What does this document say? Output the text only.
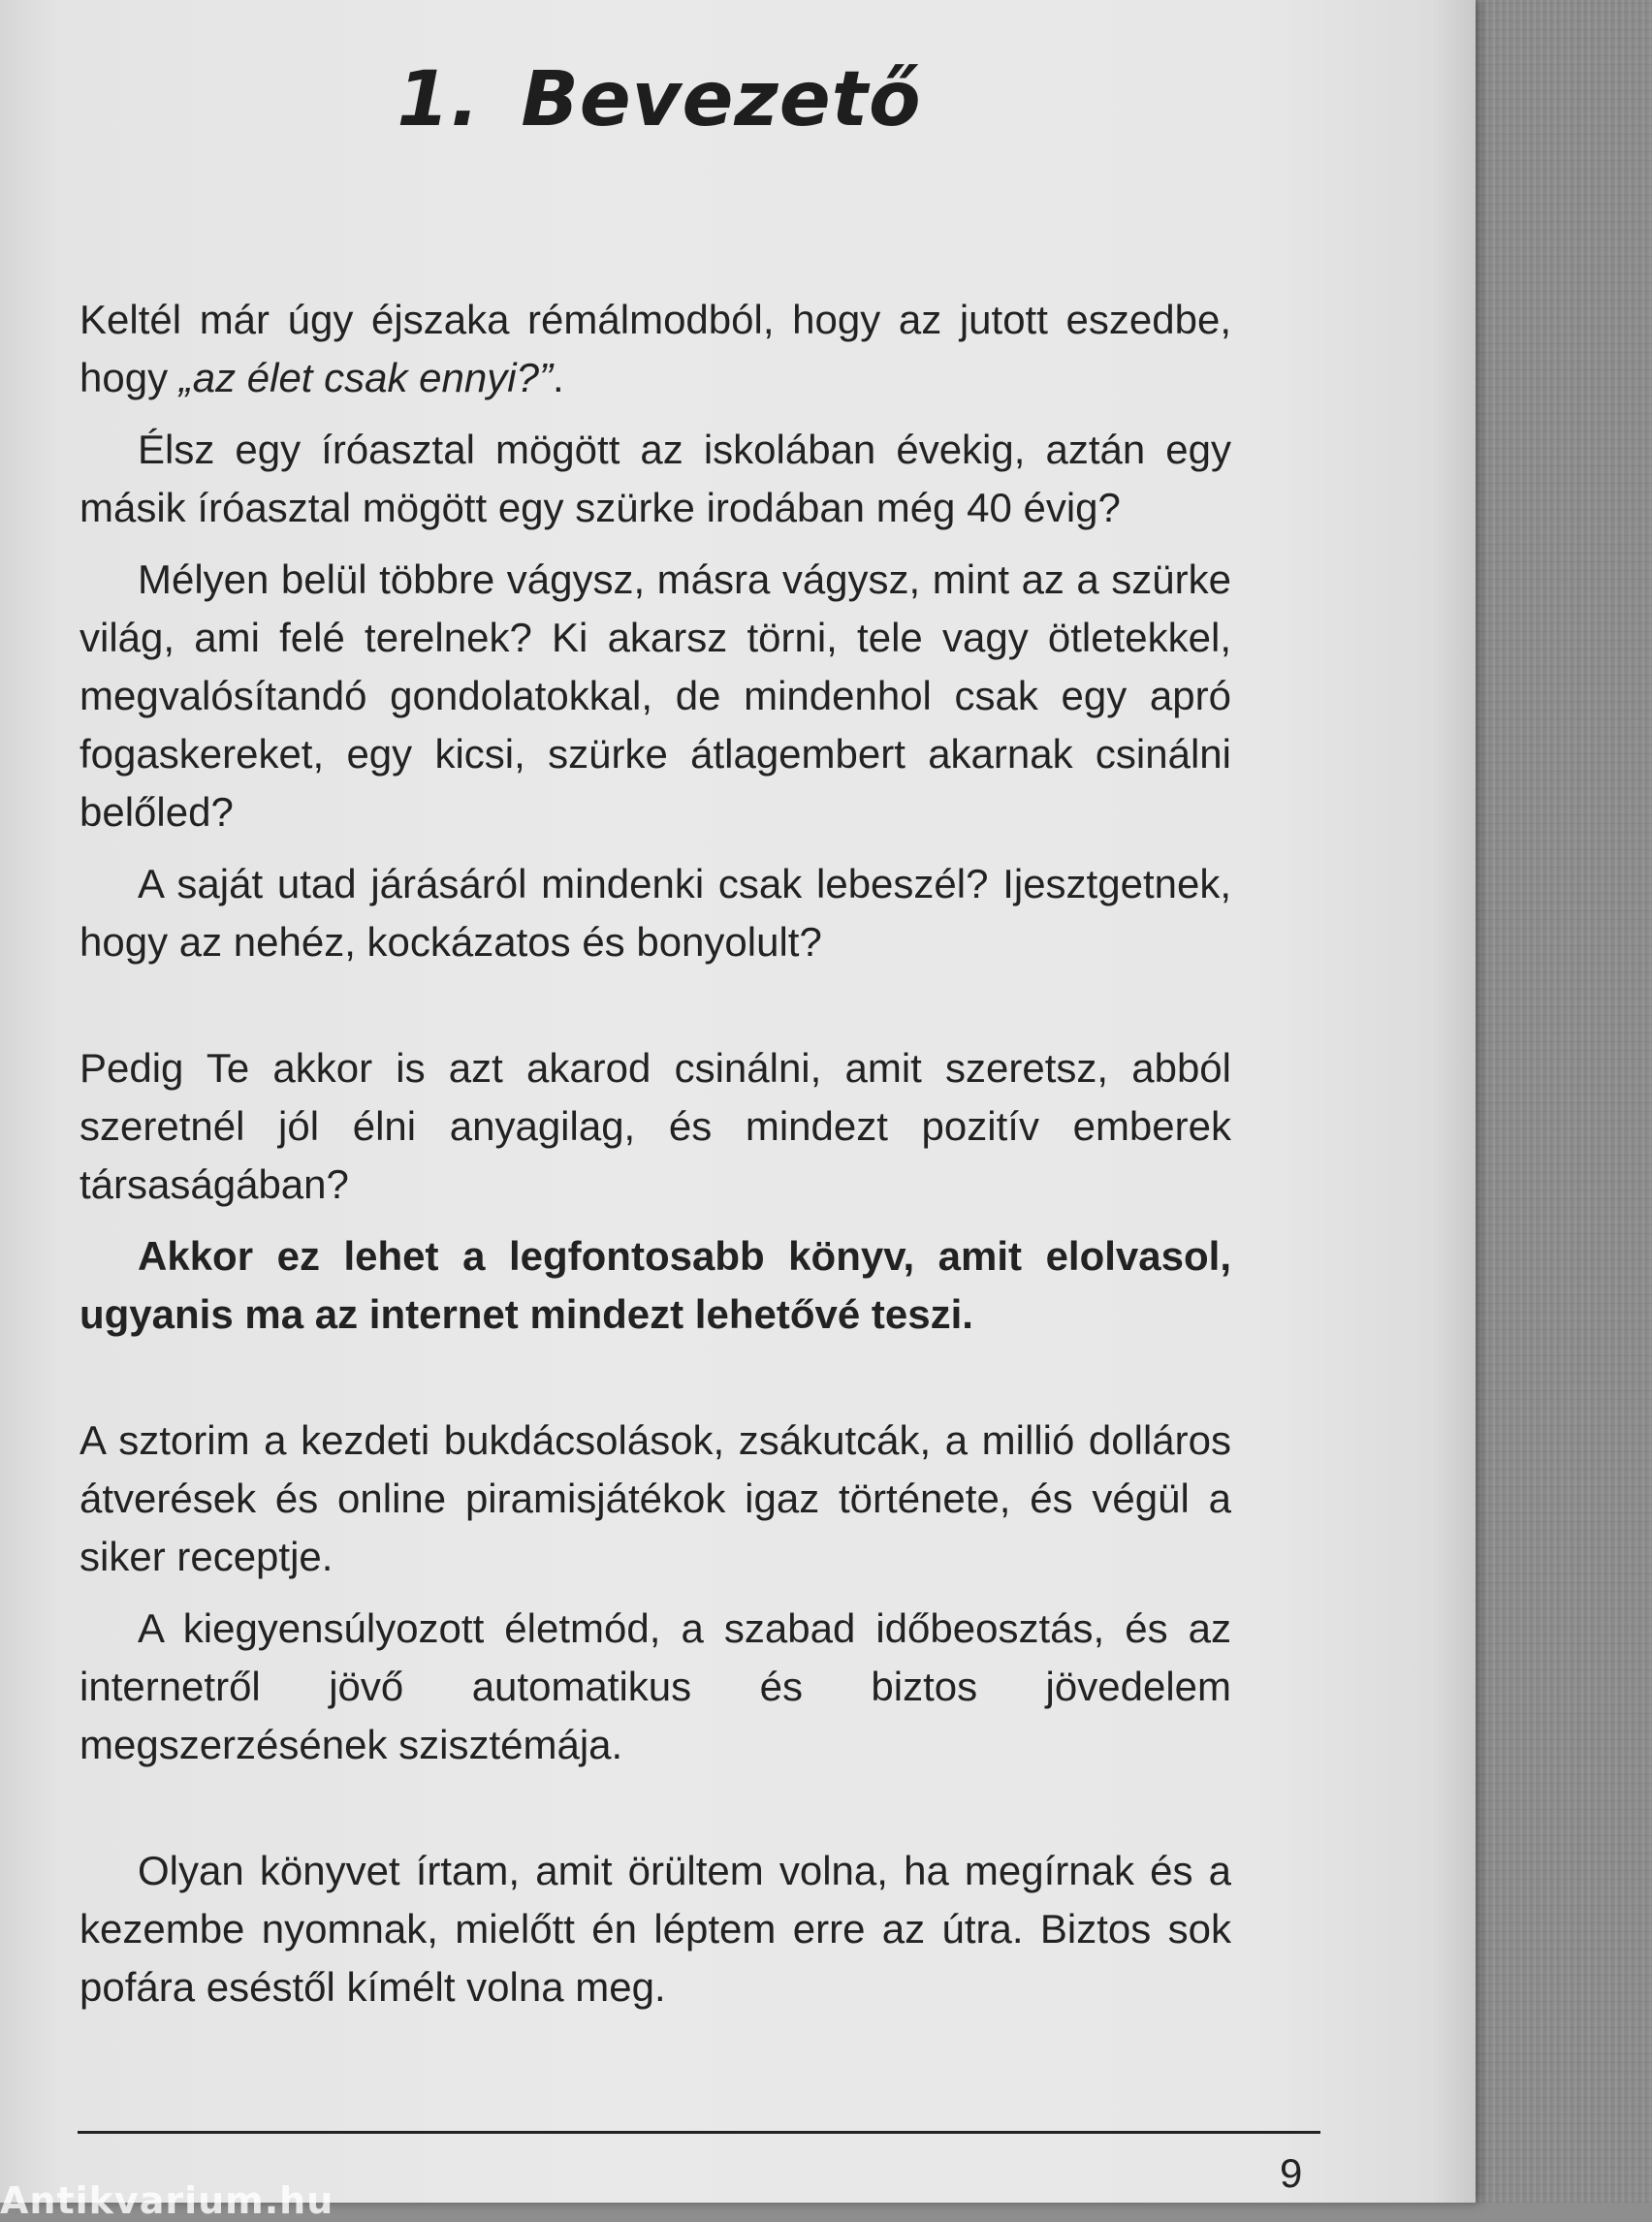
1. Bevezető

Keltél már úgy éjszaka rémálmodból, hogy az jutott eszedbe, hogy „az élet csak ennyi?”.

Élsz egy íróasztal mögött az iskolában évekig, aztán egy másik íróasztal mögött egy szürke irodában még 40 évig?

Mélyen belül többre vágysz, másra vágysz, mint az a szürke világ, ami felé terelnek? Ki akarsz törni, tele vagy ötletekkel, megvalósítandó gondolatokkal, de mindenhol csak egy apró fogaskereket, egy kicsi, szürke átlagembert akarnak csinálni belőled?

A saját utad járásáról mindenki csak lebeszél? Ijesztgetnek, hogy az nehéz, kockázatos és bonyolult?

Pedig Te akkor is azt akarod csinálni, amit szeretsz, abból szeretnél jól élni anyagilag, és mindezt pozitív emberek társaságában?

Akkor ez lehet a legfontosabb könyv, amit elolvasol, ugyanis ma az internet mindezt lehetővé teszi.

A sztorim a kezdeti bukdácsolások, zsákutcák, a millió dolláros átverések és online piramisjátékok igaz története, és végül a siker receptje.

A kiegyensúlyozott életmód, a szabad időbeosztás, és az internetről jövő automatikus és biztos jövedelem megszerzésének szisztémája.

Olyan könyvet írtam, amit örültem volna, ha megírnak és a kezembe nyomnak, mielőtt én léptem erre az útra. Biztos sok pofára eséstől kímélt volna meg.

9
Antikvarium.hu
